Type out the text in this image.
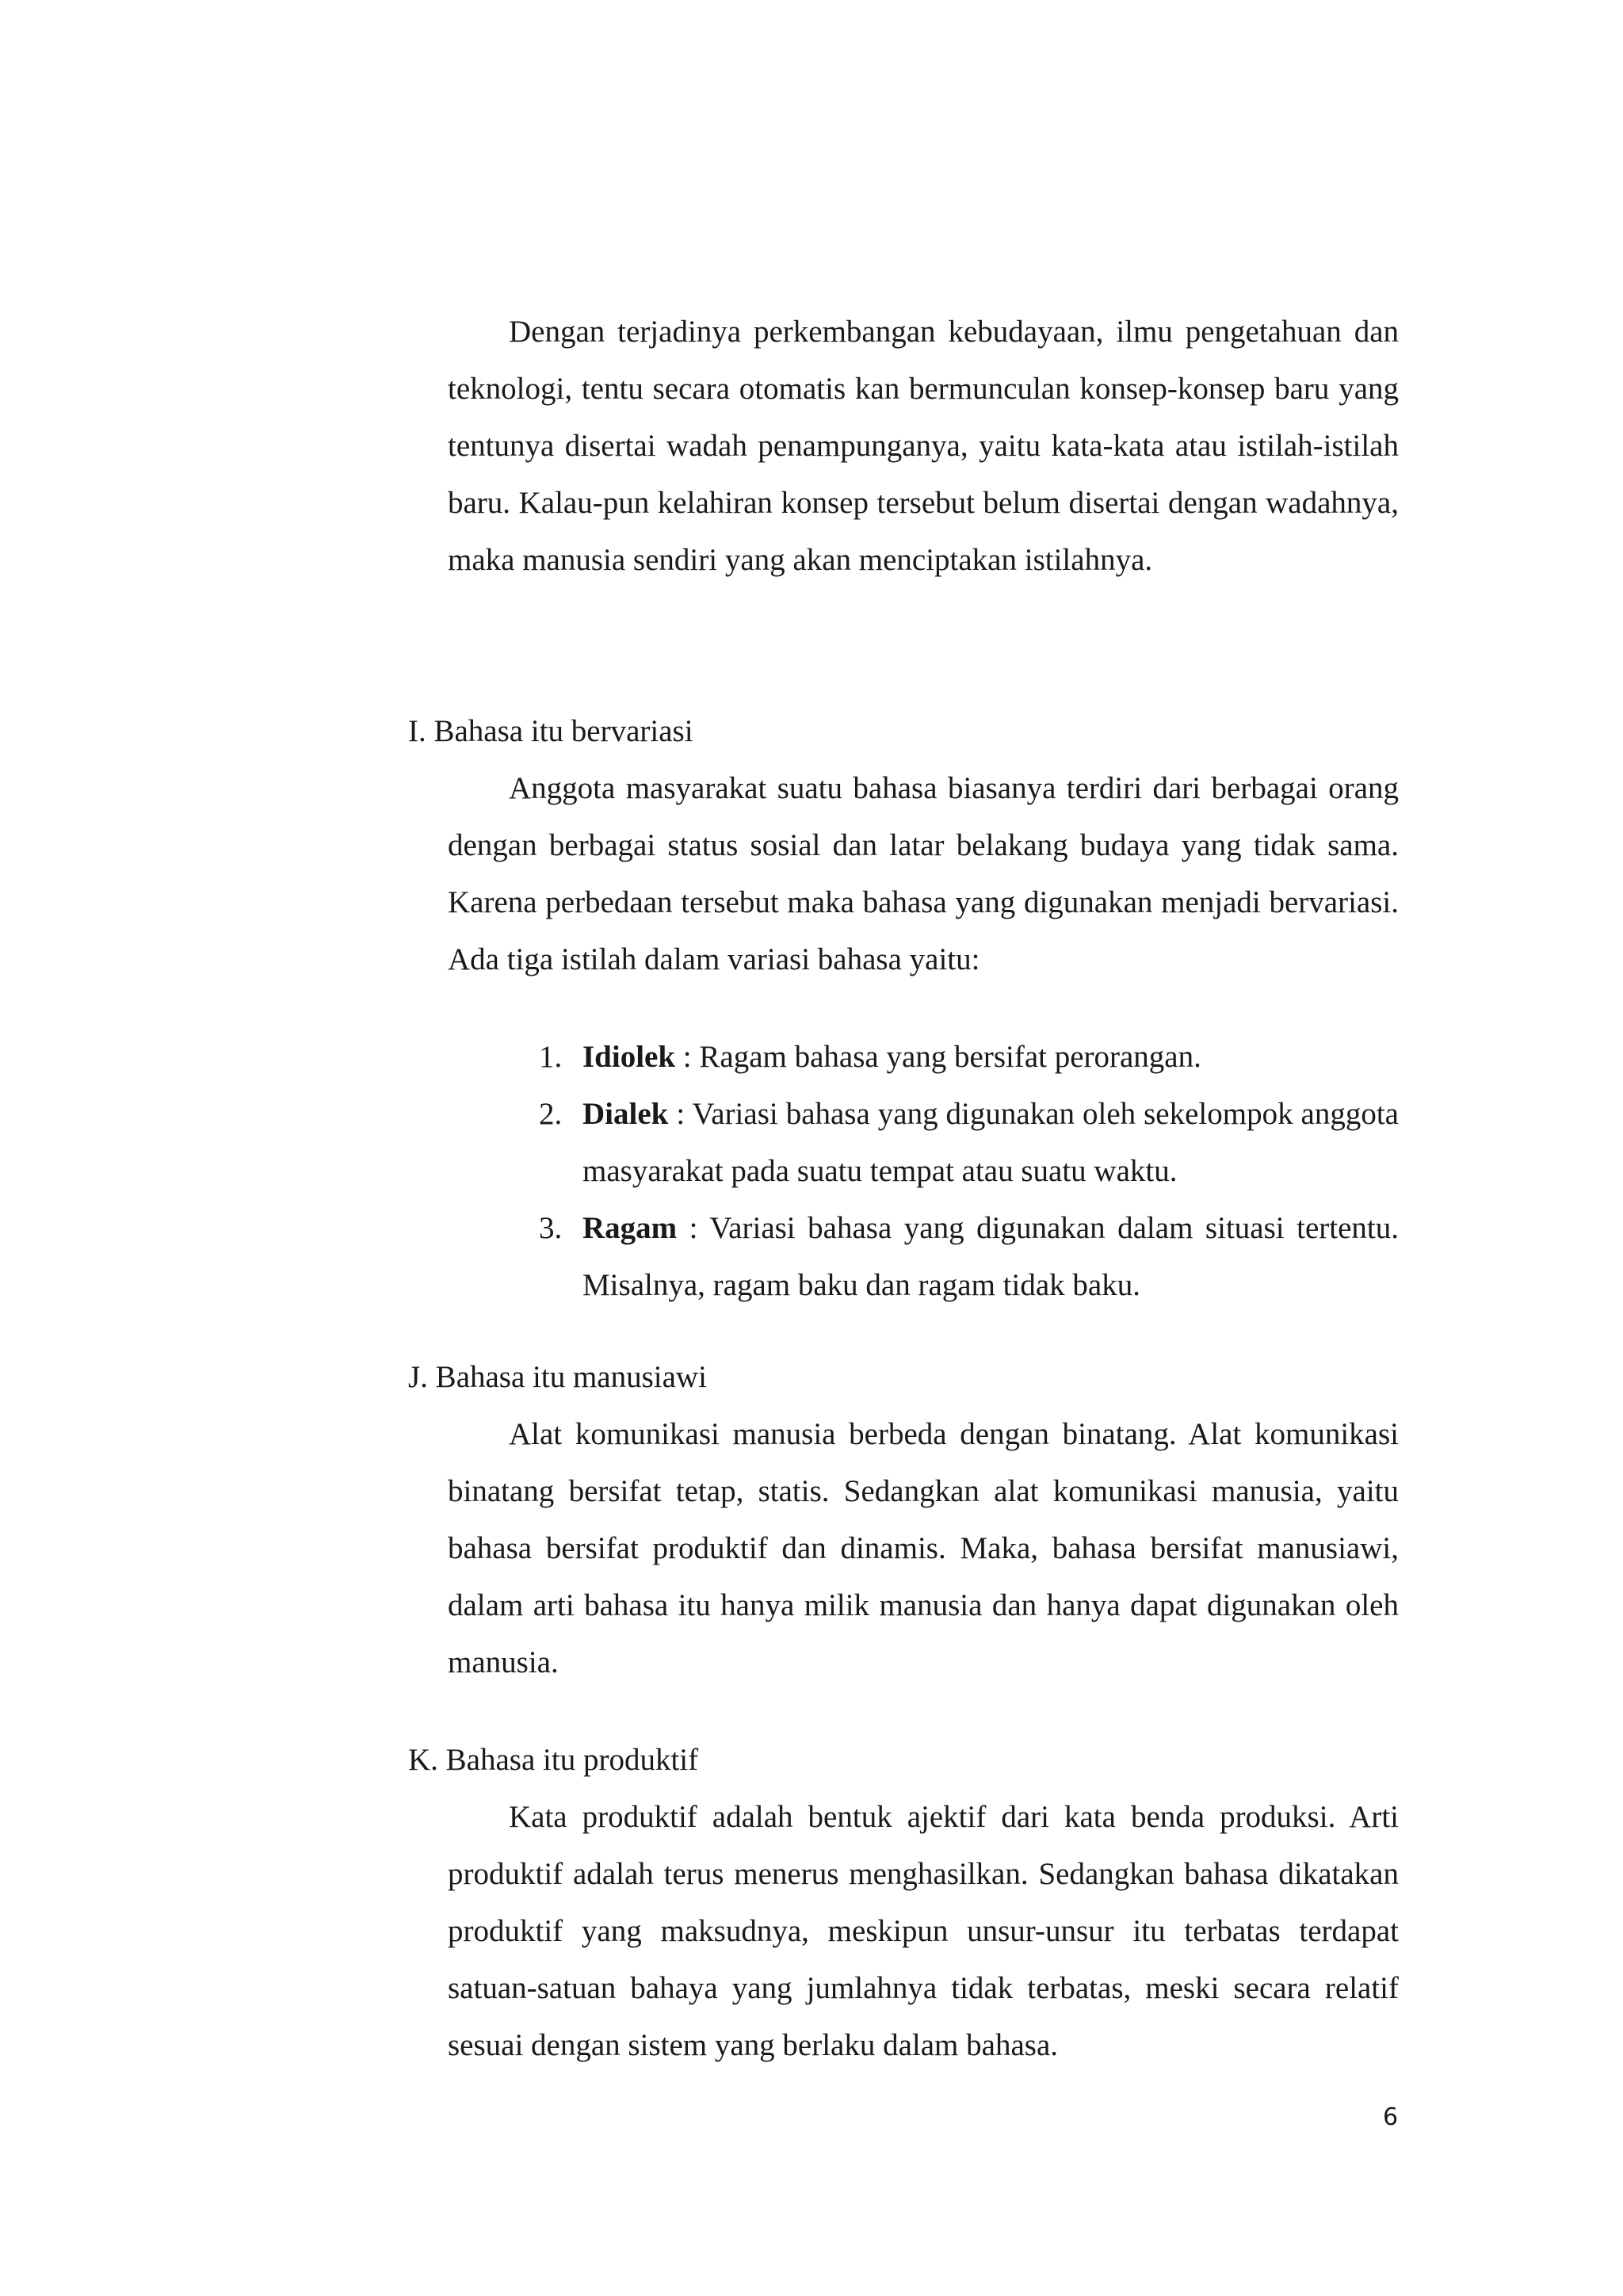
Dengan terjadinya perkembangan kebudayaan, ilmu pengetahuan dan teknologi, tentu secara otomatis kan bermunculan konsep-konsep baru yang tentunya disertai wadah penampunganya, yaitu kata-kata atau istilah-istilah baru. Kalau-pun kelahiran konsep tersebut belum disertai dengan wadahnya, maka manusia sendiri yang akan menciptakan istilahnya.

I. Bahasa itu bervariasi

Anggota masyarakat suatu bahasa biasanya terdiri dari berbagai orang dengan berbagai status sosial dan latar belakang budaya yang tidak sama. Karena perbedaan tersebut maka bahasa yang digunakan menjadi bervariasi. Ada tiga istilah dalam variasi bahasa yaitu:

1. Idiolek : Ragam bahasa yang bersifat perorangan.
2. Dialek : Variasi bahasa yang digunakan oleh sekelompok anggota masyarakat pada suatu tempat atau suatu waktu.
3. Ragam : Variasi bahasa yang digunakan dalam situasi tertentu. Misalnya, ragam baku dan ragam tidak baku.

J. Bahasa itu manusiawi

Alat komunikasi manusia berbeda dengan binatang. Alat komunikasi binatang bersifat tetap, statis. Sedangkan alat komunikasi manusia, yaitu bahasa bersifat produktif dan dinamis. Maka, bahasa bersifat manusiawi, dalam arti bahasa itu hanya milik manusia dan hanya dapat digunakan oleh manusia.

K. Bahasa itu produktif

Kata produktif adalah bentuk ajektif dari kata benda produksi. Arti produktif adalah terus menerus menghasilkan. Sedangkan bahasa dikatakan produktif yang maksudnya, meskipun unsur-unsur itu terbatas terdapat satuan-satuan bahaya yang jumlahnya tidak terbatas, meski secara relatif sesuai dengan sistem yang berlaku dalam bahasa.

6
